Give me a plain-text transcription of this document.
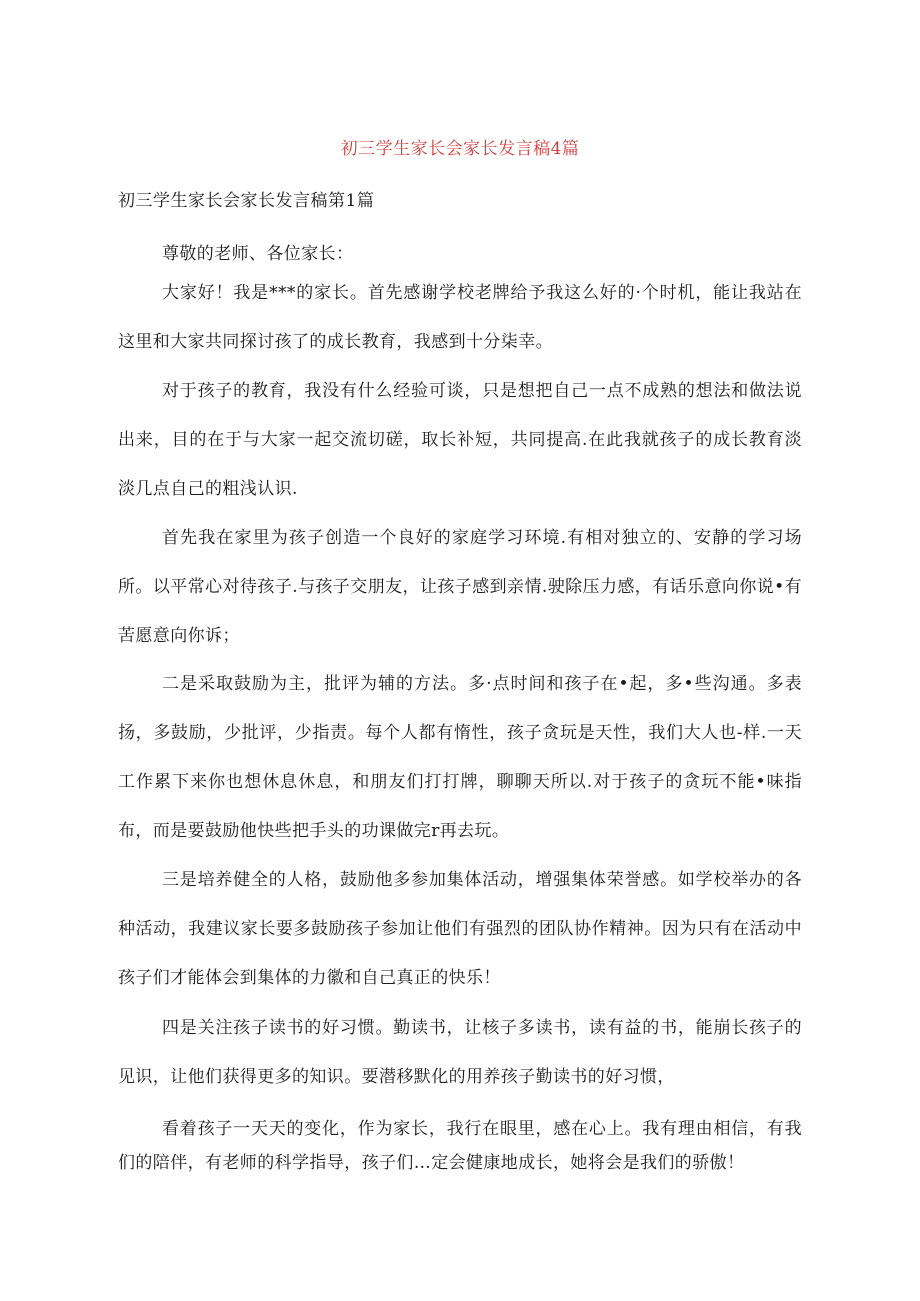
初三学生家长会家长发言稿4篇
初三学生家长会家长发言稿第1篇
尊敬的老师、各位家长：
大家好！我是***的家长。首先感谢学校老牌给予我这么好的·个时机，能让我站在这里和大家共同探讨孩了的成长教育，我感到十分柒幸。
对于孩子的教育，我没有什么经验可谈，只是想把自己一点不成熟的想法和做法说出来，目的在于与大家一起交流切磋，取长补短，共同提高.在此我就孩子的成长教育淡淡几点自己的粗浅认识.
首先我在家里为孩子创造一个良好的家庭学习环境.有相对独立的、安静的学习场所。以平常心对待孩子.与孩子交朋友，让孩子感到亲情.驶除压力感，有话乐意向你说•有苦愿意向你诉；
二是采取鼓励为主，批评为辅的方法。多·点时间和孩子在•起，多•些沟通。多表扬，多鼓励，少批评，少指责。每个人都有惰性，孩子贪玩是天性，我们大人也-样.一天工作累下来你也想休息休息，和朋友们打打牌，聊聊天所以.对于孩子的贪玩不能•味指布，而是要鼓励他快些把手头的功课做完r再去玩。
三是培养健全的人格，鼓励他多参加集体活动，增强集体荣誉感。如学校举办的各种活动，我建议家长要多鼓励孩子参加让他们有强烈的团队协作精神。因为只有在活动中孩子们才能体会到集体的力徽和自己真正的快乐！
四是关注孩子读书的好习惯。勤读书，让核子多读书，读有益的书，能崩长孩子的见识，让他们获得更多的知识。要潜移默化的用养孩子勤读书的好习惯，
看着孩子一天天的变化，作为家长，我行在眼里，感在心上。我有理由相信，有我们的陪伴，有老师的科学指导，孩子们…定会健康地成长，她将会是我们的骄傲！
